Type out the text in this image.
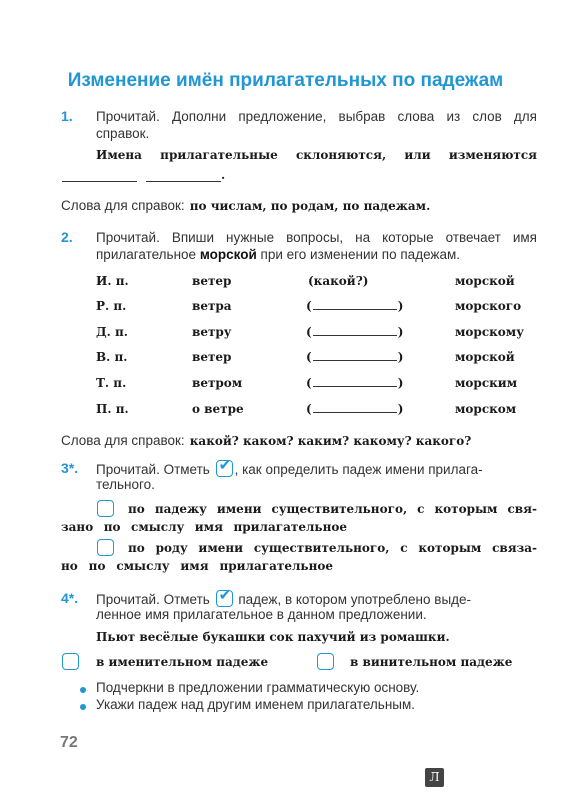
Изменение имён прилагательных по падежам
1. Прочитай. Дополни предложение, выбрав слова из слов для
справок.
Имена прилагательные склоняются, или изменяются
.
Слова для справок: по числам, по родам, по падежам.
2. Прочитай. Впиши нужные вопросы, на которые отвечает имя
прилагательное морской при его изменении по падежам.
И. п.	ветер	(какой?)	морской
Р. п.	ветра	(	)	морского
Д. п.	ветру	(	)	морскому
В. п.	ветер	(	)	морской
Т. п.	ветром	(	)	морским
П. п.	о ветре	(	)	морском
Слова для справок: какой? каком? каким? какому? какого?
3*. Прочитай. Отметь ✔ , как определить падеж имени прилага-
тельного.
по падежу имени существительного, с которым свя-
зано по смыслу имя прилагательное
по роду имени существительного, с которым связа-
но по смыслу имя прилагательное
4*. Прочитай. Отметь ✔ падеж, в котором употреблено выде-
ленное имя прилагательное в данном предложении.
Пьют весёлые букашки сок пахучий из ромашки.
в именительном падеже	в винительном падеже
Подчеркни в предложении грамматическую основу.
Укажи падеж над другим именем прилагательным.
72
Л
